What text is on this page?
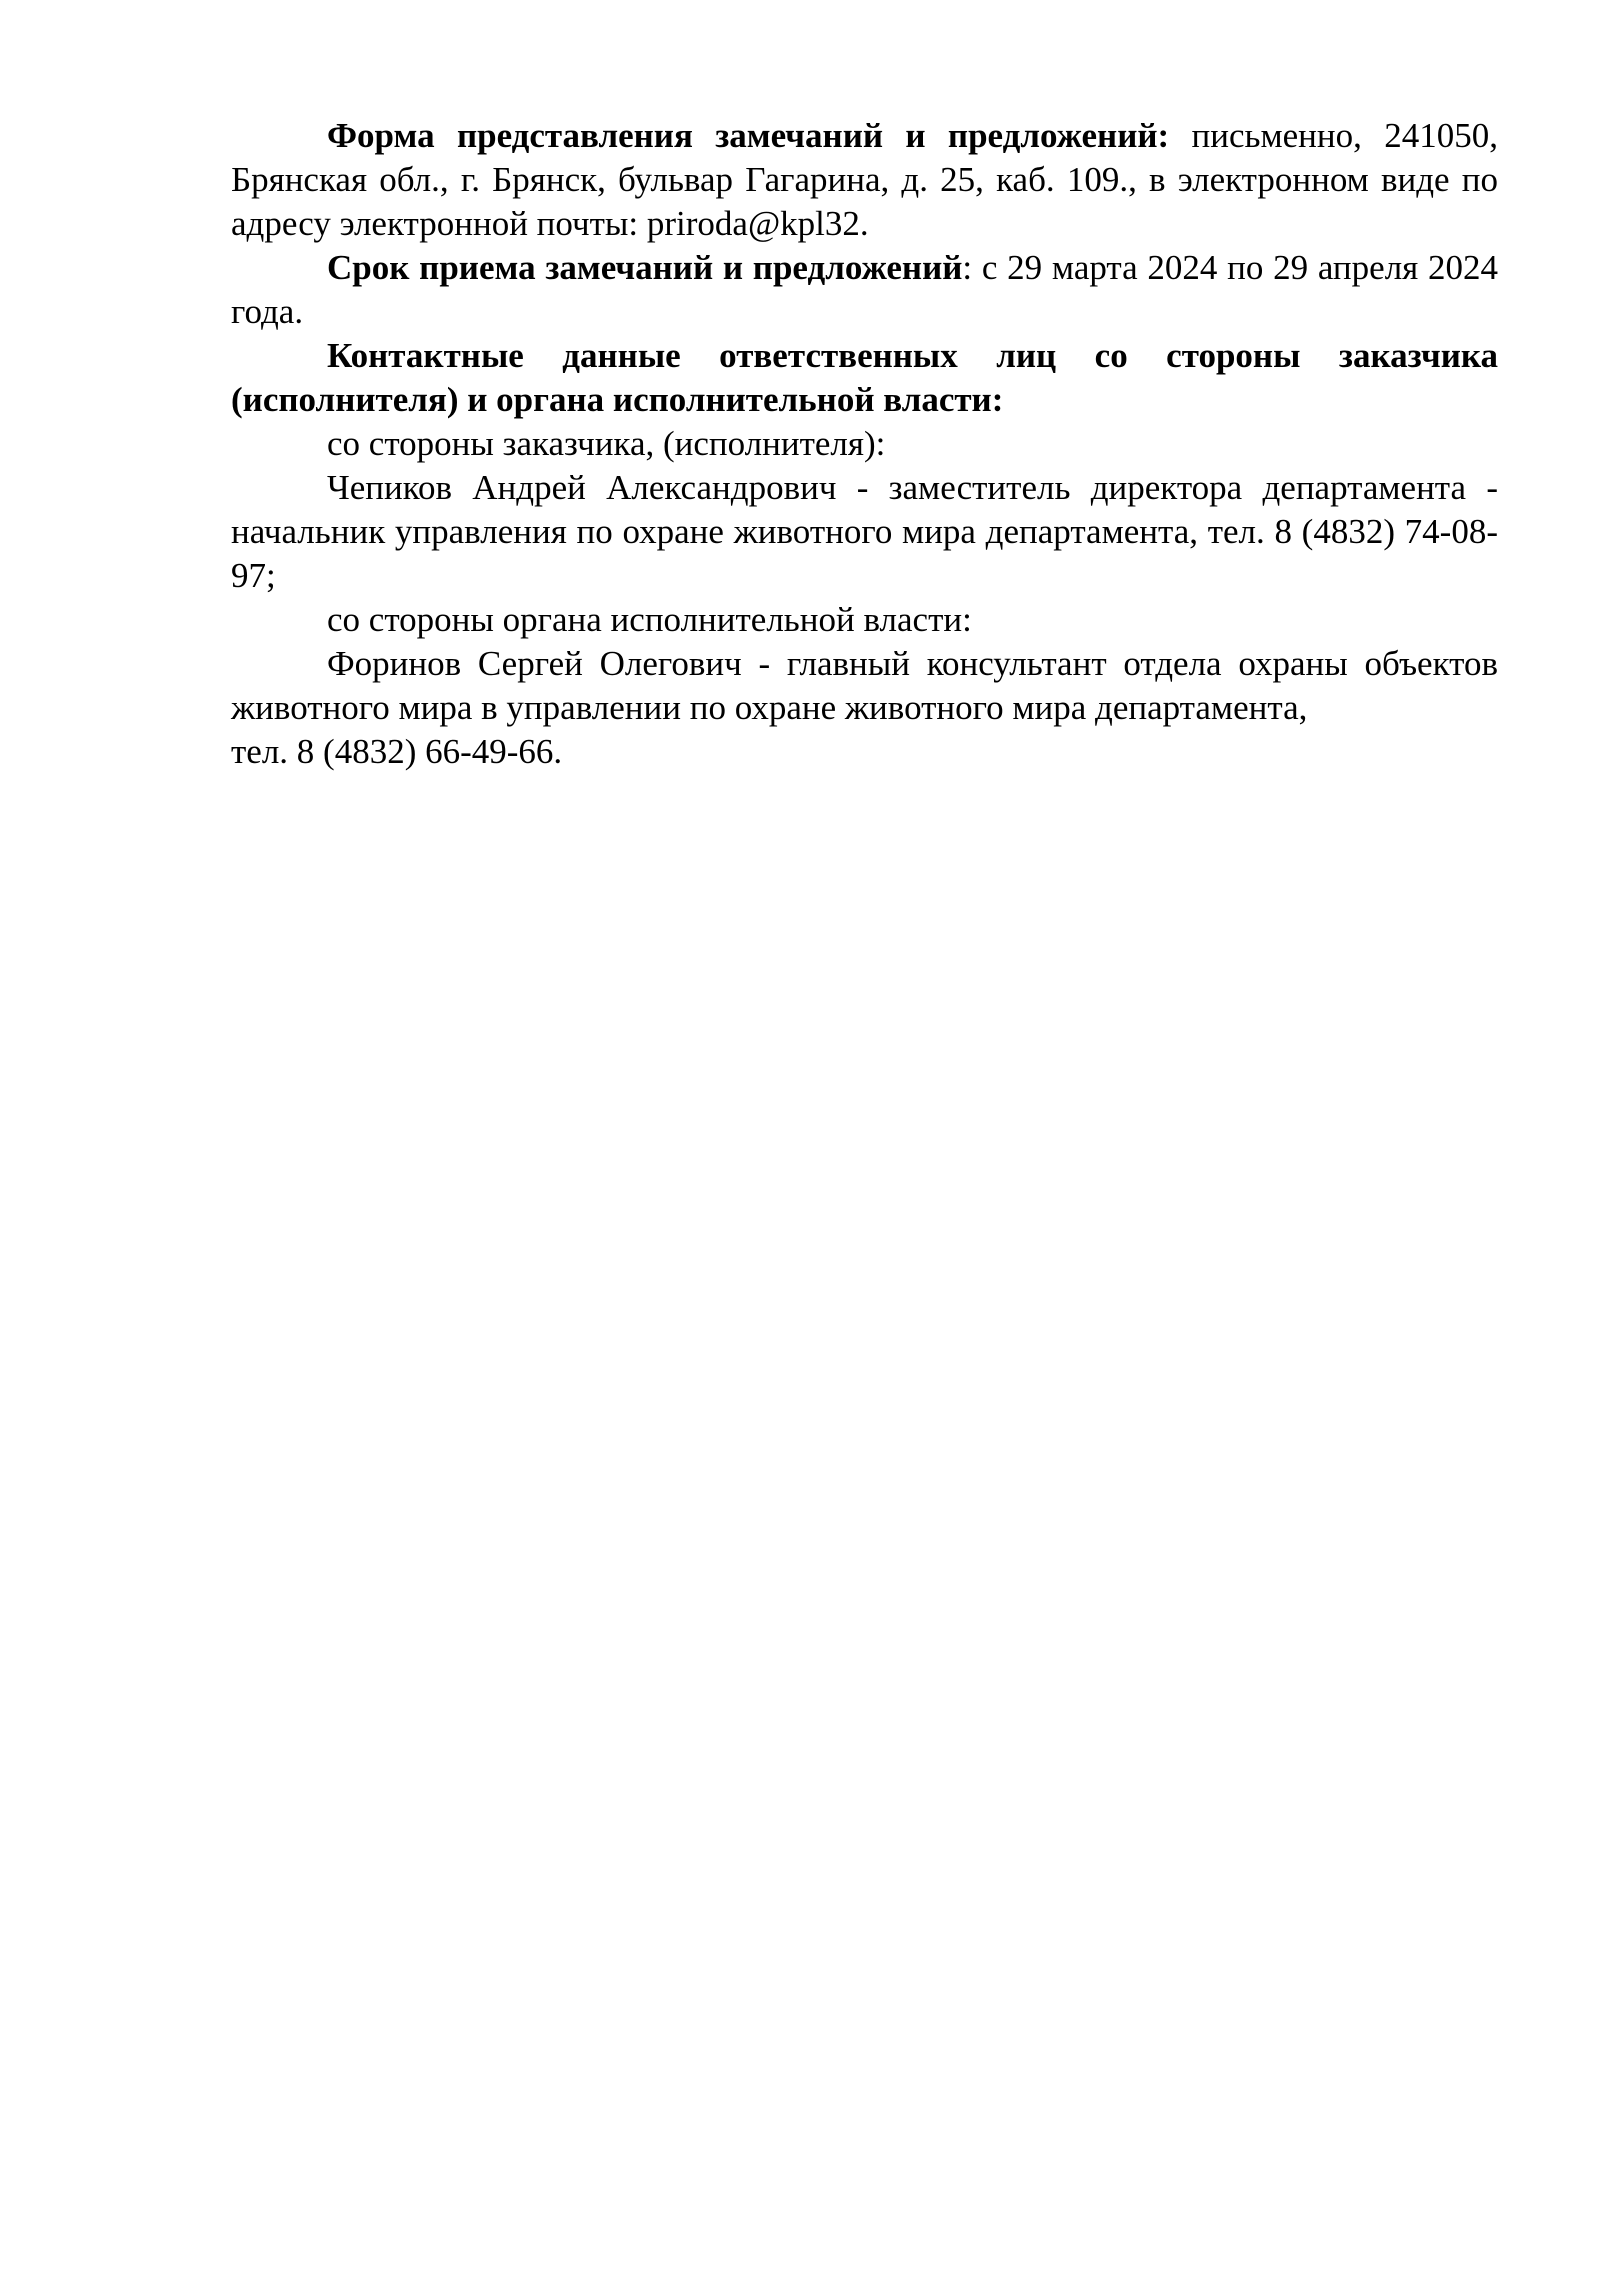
Форма представления замечаний и предложений: письменно, 241050, Брянская обл., г. Брянск, бульвар Гагарина, д. 25, каб. 109., в электронном виде по адресу электронной почты: priroda@kpl32.

Срок приема замечаний и предложений: с 29 марта 2024 по 29 апреля 2024 года.

Контактные данные ответственных лиц со стороны заказчика (исполнителя) и органа исполнительной власти:

со стороны заказчика, (исполнителя):

Чепиков Андрей Александрович - заместитель директора департамента - начальник управления по охране животного мира департамента, тел. 8 (4832) 74-08-97;

со стороны органа исполнительной власти:

Форинов Сергей Олегович - главный консультант отдела охраны объектов животного мира в управлении по охране животного мира департамента,

тел. 8 (4832) 66-49-66.
